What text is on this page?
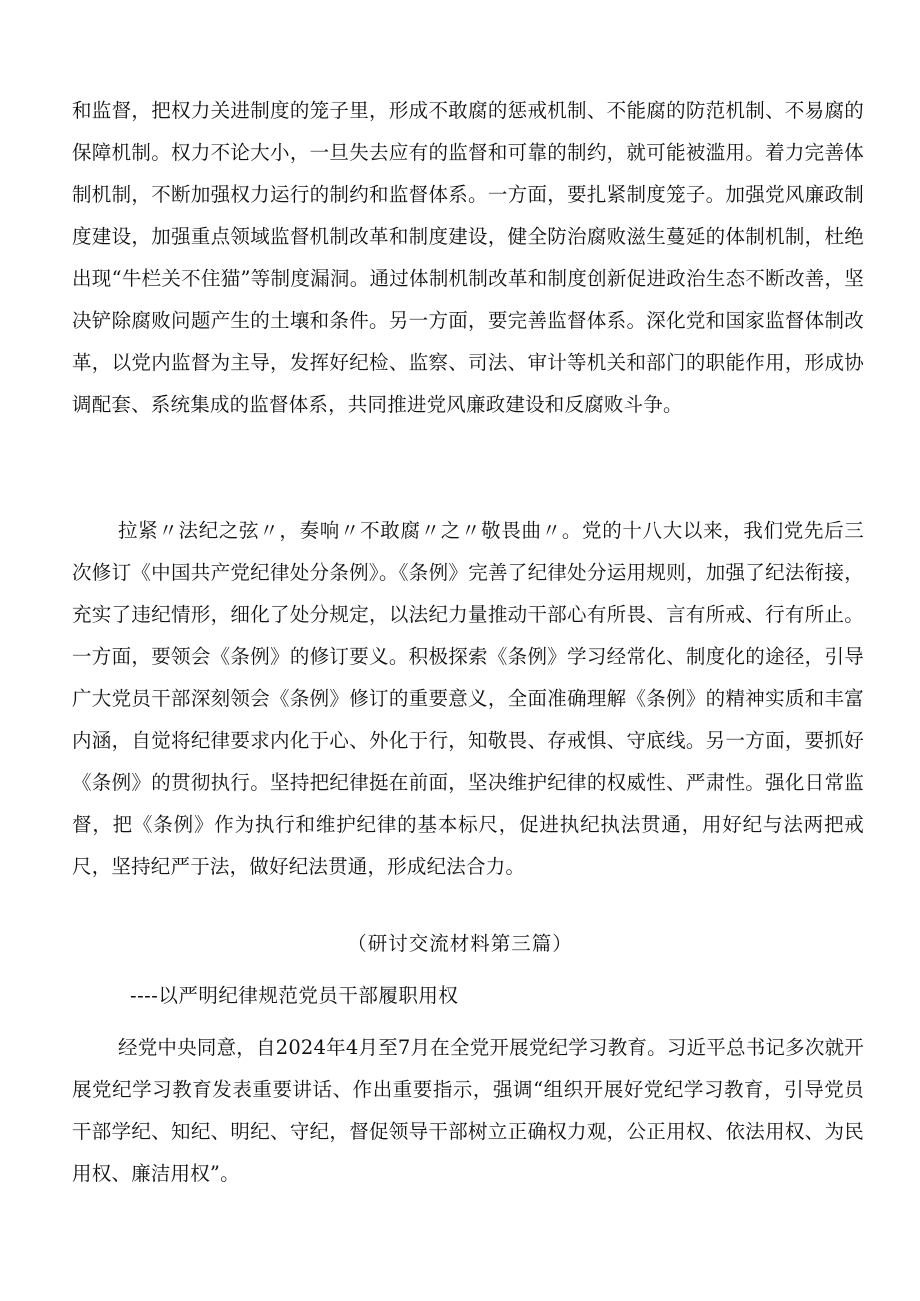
和监督，把权力关进制度的笼子里，形成不敢腐的惩戒机制、不能腐的防范机制、不易腐的保障机制。权力不论大小，一旦失去应有的监督和可靠的制约，就可能被滥用。着力完善体制机制，不断加强权力运行的制约和监督体系。一方面，要扎紧制度笼子。加强党风廉政制度建设，加强重点领域监督机制改革和制度建设，健全防治腐败滋生蔓延的体制机制，杜绝出现“牛栏关不住猫”等制度漏洞。通过体制机制改革和制度创新促进政治生态不断改善，坚决铲除腐败问题产生的土壤和条件。另一方面，要完善监督体系。深化党和国家监督体制改革，以党内监督为主导，发挥好纪检、监察、司法、审计等机关和部门的职能作用，形成协调配套、系统集成的监督体系，共同推进党风廉政建设和反腐败斗争。

拉紧〃法纪之弦〃，奏响〃不敢腐〃之〃敬畏曲〃。党的十八大以来，我们党先后三次修订《中国共产党纪律处分条例》。《条例》完善了纪律处分运用规则，加强了纪法衔接，充实了违纪情形，细化了处分规定，以法纪力量推动干部心有所畏、言有所戒、行有所止。一方面，要领会《条例》的修订要义。积极探索《条例》学习经常化、制度化的途径，引导广大党员干部深刻领会《条例》修订的重要意义，全面准确理解《条例》的精神实质和丰富内涵，自觉将纪律要求内化于心、外化于行，知敬畏、存戒惧、守底线。另一方面，要抓好《条例》的贯彻执行。坚持把纪律挺在前面，坚决维护纪律的权威性、严肃性。强化日常监督，把《条例》作为执行和维护纪律的基本标尺，促进执纪执法贯通，用好纪与法两把戒尺，坚持纪严于法，做好纪法贯通，形成纪法合力。

（研讨交流材料第三篇）

----以严明纪律规范党员干部履职用权

经党中央同意，自2024年4月至7月在全党开展党纪学习教育。习近平总书记多次就开展党纪学习教育发表重要讲话、作出重要指示，强调“组织开展好党纪学习教育，引导党员干部学纪、知纪、明纪、守纪，督促领导干部树立正确权力观，公正用权、依法用权、为民用权、廉洁用权”。
